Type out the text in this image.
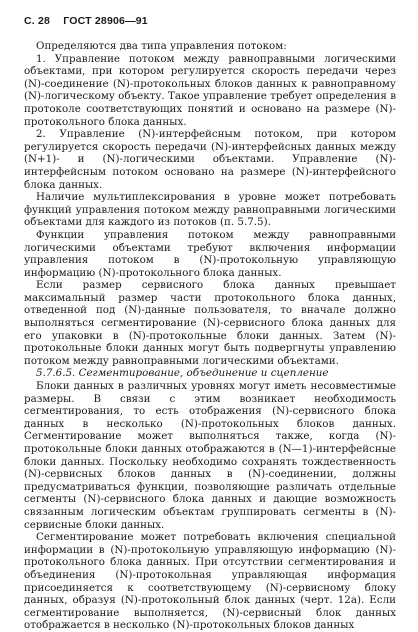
С. 28 ГОСТ 28906—91

Определяются два типа управления потоком:

1. Управление потоком между равноправными логическими объектами, при котором регулируется скорость передачи через (N)-соединение (N)-протокольных блоков данных к равноправному (N)-логическому объекту. Такое управление требует определения в протоколе соответствующих понятий и основано на размере (N)-протокольного блока данных.

2. Управление (N)-интерфейсным потоком, при котором регулируется скорость передачи (N)-интерфейсных данных между (N+1)- и (N)-логическими объектами. Управление (N)-интерфейсным потоком основано на размере (N)-интерфейсного блока данных.

Наличие мультиплексирования в уровне может потребовать функций управления потоком между равноправными логическими объектами для каждого из потоков (п. 5.7.5).

Функции управления потоком между равноправными логическими объектами требуют включения информации управления потоком в (N)-протокольную управляющую информацию (N)-протокольного блока данных.

Если размер сервисного блока данных превышает максимальный размер части протокольного блока данных, отведенной под (N)-данные пользователя, то вначале должно выполняться сегментирование (N)-сервисного блока данных для его упаковки в (N)-протокольные блоки данных. Затем (N)-протокольные блоки данных могут быть подвергнуты управлению потоком между равноправными логическими объектами.

5.7.6.5. Сегментирование, объединение и сцепление

Блоки данных в различных уровнях могут иметь несовместимые размеры. В связи с этим возникает необходимость сегментирования, то есть отображения (N)-сервисного блока данных в несколько (N)-протокольных блоков данных. Сегментирование может выполняться также, когда (N)-протокольные блоки данных отображаются в (N—1)-интерфейсные блоки данных. Поскольку необходимо сохранять тождественность (N)-сервисных блоков данных в (N)-соединении, должны предусматриваться функции, позволяющие различать отдельные сегменты (N)-сервисного блока данных и дающие возможность связанным логическим объектам группировать сегменты в (N)-сервисные блоки данных.

Сегментирование может потребовать включения специальной информации в (N)-протокольную управляющую информацию (N)-протокольного блока данных. При отсутствии сегментирования и объединения (N)-протокольная управляющая информация присоединяется к соответствующему (N)-сервисному блоку данных, образуя (N)-протокольный блок данных (черт. 12а). Если сегментирование выполняется, (N)-сервисный блок данных отображается в несколько (N)-протокольных блоков данных
